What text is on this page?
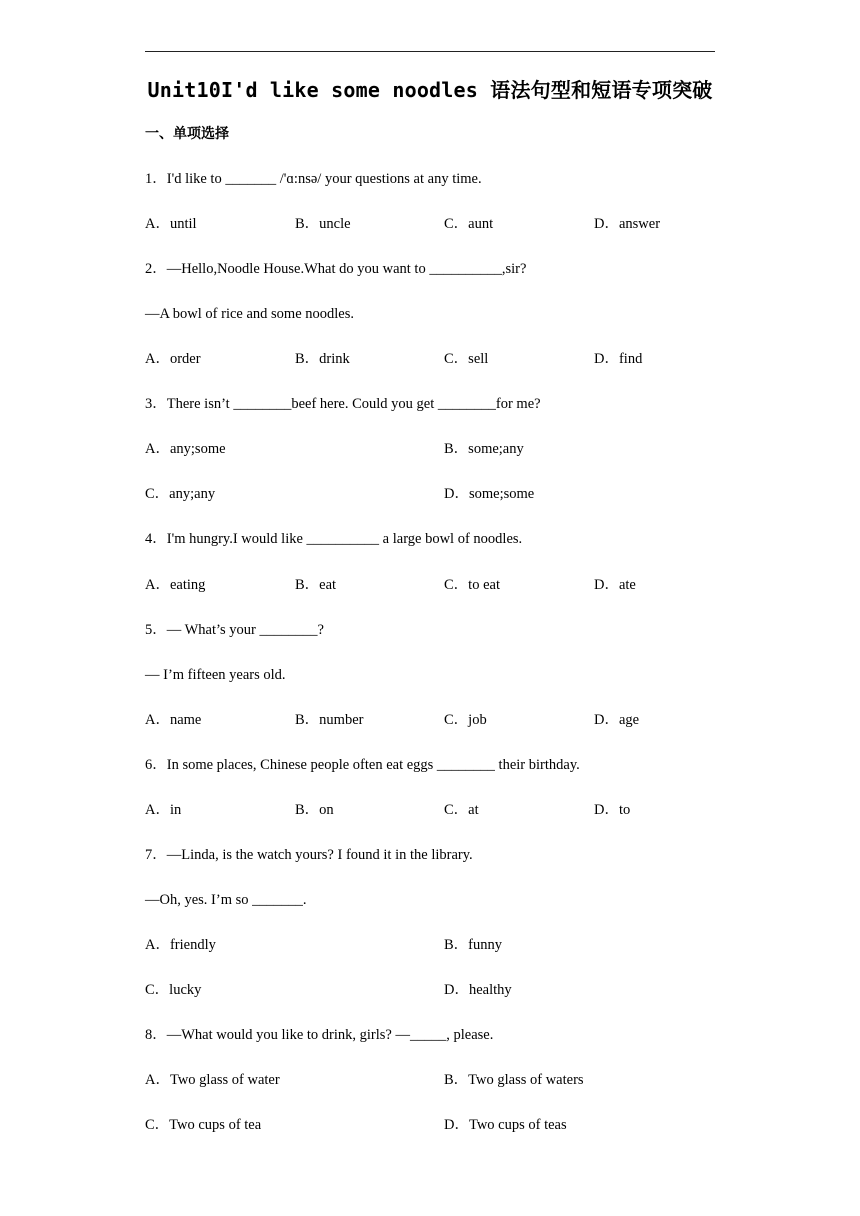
Unit10I'd like some noodles 语法句型和短语专项突破
一、单项选择
1．I'd like to _______ /'ɑ:nsə/ your questions at any time.
A．until	B．uncle	C．aunt	D．answer
2．—Hello,Noodle House.What do you want to __________,sir?
—A bowl of rice and some noodles.
A．order	B．drink	C．sell	D．find
3．There isn’t ________beef here. Could you get ________for me?
A．any;some	B．some;any
C．any;any	D．some;some
4．I'm hungry.I would like __________ a large bowl of noodles.
A．eating	B．eat	C．to eat	D．ate
5．— What’s your ________?
— I’m fifteen years old.
A．name	B．number	C．job	D．age
6．In some places, Chinese people often eat eggs ________ their birthday.
A．in	B．on	C．at	D．to
7．—Linda, is the watch yours? I found it in the library.
—Oh, yes. I’m so _______.
A．friendly	B．funny
C．lucky	D．healthy
8．—What would you like to drink, girls? —_____, please.
A．Two glass of water	B．Two glass of waters
C．Two cups of tea	D．Two cups of teas
